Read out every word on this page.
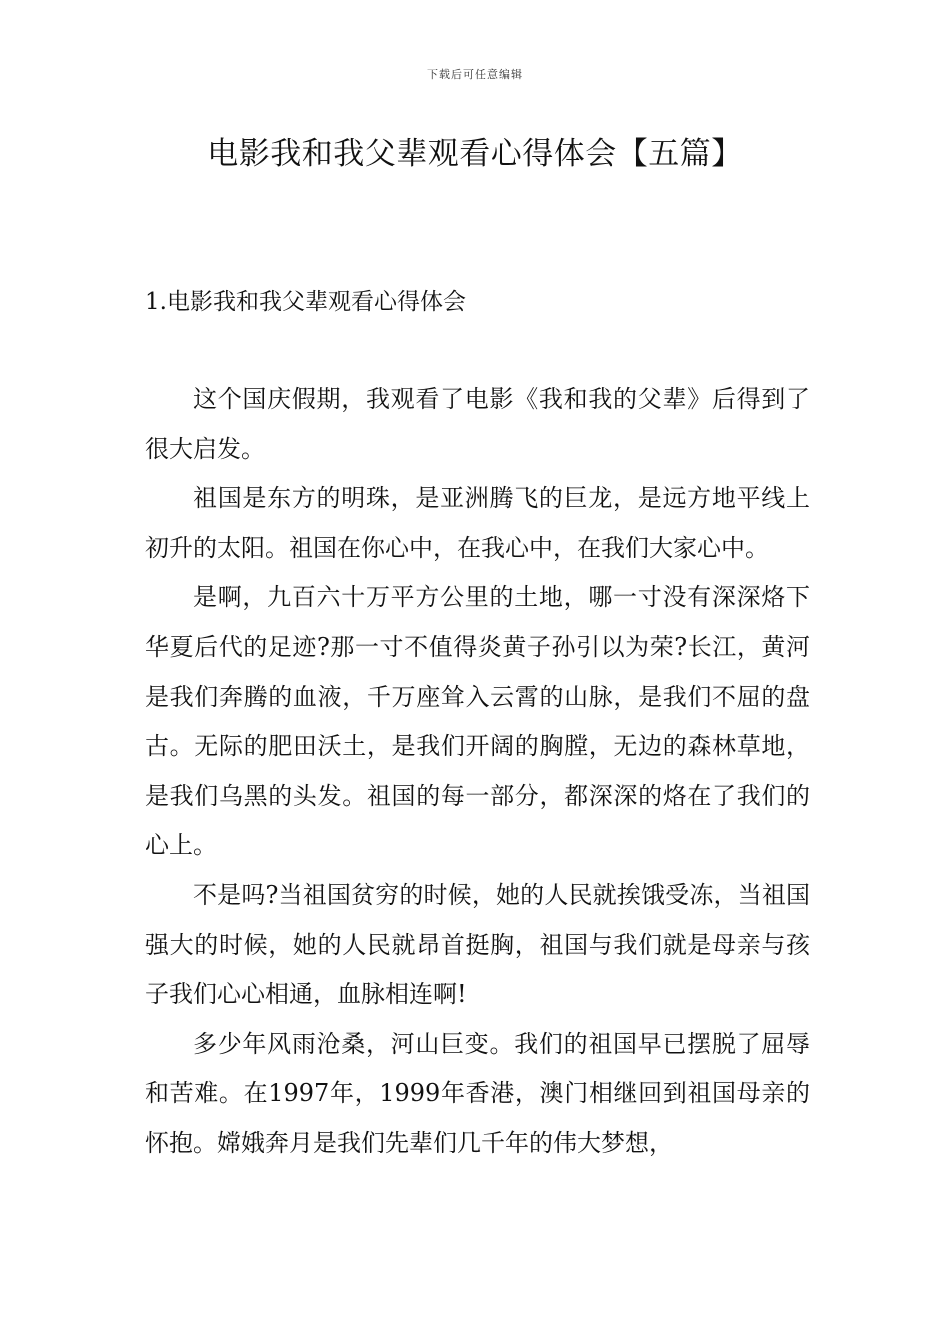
下载后可任意编辑
电影我和我父辈观看心得体会【五篇】
1.电影我和我父辈观看心得体会

这个国庆假期，我观看了电影《我和我的父辈》后得到了很大启发。

祖国是东方的明珠，是亚洲腾飞的巨龙，是远方地平线上初升的太阳。祖国在你心中，在我心中，在我们大家心中。

是啊，九百六十万平方公里的土地，哪一寸没有深深烙下华夏后代的足迹?那一寸不值得炎黄子孙引以为荣?长江，黄河是我们奔腾的血液，千万座耸入云霄的山脉，是我们不屈的盘古。无际的肥田沃土，是我们开阔的胸膛，无边的森林草地，是我们乌黑的头发。祖国的每一部分，都深深的烙在了我们的心上。

不是吗?当祖国贫穷的时候，她的人民就挨饿受冻，当祖国强大的时候，她的人民就昂首挺胸，祖国与我们就是母亲与孩子我们心心相通，血脉相连啊!

多少年风雨沧桑，河山巨变。我们的祖国早已摆脱了屈辱和苦难。在1997年，1999年香港，澳门相继回到祖国母亲的怀抱。嫦娥奔月是我们先辈们几千年的伟大梦想，
